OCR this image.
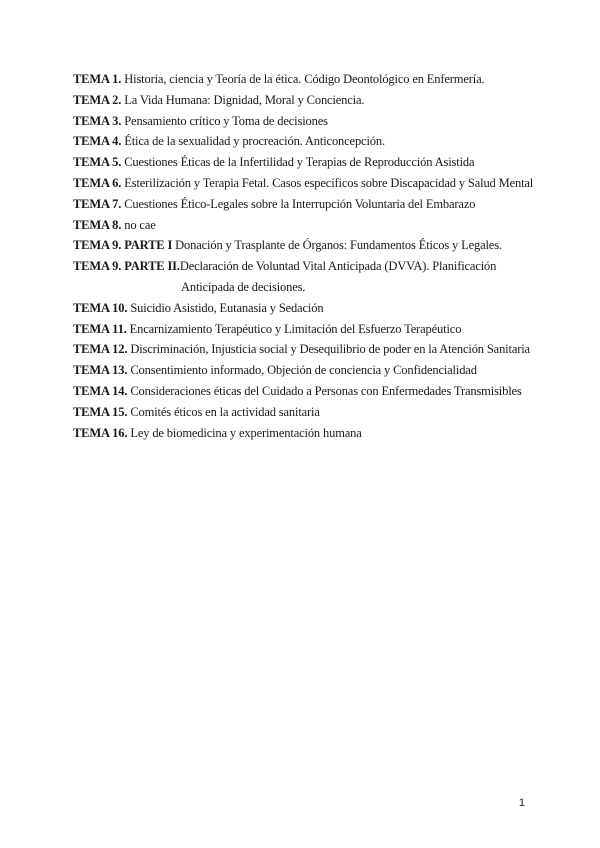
TEMA 1. Historia, ciencia y Teoría de la ética. Código Deontológico en Enfermería.
TEMA 2. La Vida Humana: Dignidad, Moral y Conciencia.
TEMA 3. Pensamiento crítico y Toma de decisiones
TEMA 4. Ética de la sexualidad y procreación. Anticoncepción.
TEMA 5. Cuestiones Éticas de la Infertilidad y Terapias de Reproducción Asistida
TEMA 6. Esterilización y Terapia Fetal. Casos específicos sobre Discapacidad y Salud Mental
TEMA 7. Cuestiones Ético-Legales sobre la Interrupción Voluntaria del Embarazo
TEMA 8. no cae
TEMA 9. PARTE I Donación y Trasplante de Órganos: Fundamentos Éticos y Legales.
TEMA 9. PARTE II.Declaración de Voluntad Vital Anticipada (DVVA). Planificación Anticipada de decisiones.
TEMA 10. Suicidio Asistido, Eutanasia y Sedación
TEMA 11. Encarnizamiento Terapéutico y Limitación del Esfuerzo Terapéutico
TEMA 12. Discriminación, Injusticia social y Desequilibrio de poder en la Atención Sanitaria
TEMA 13. Consentimiento informado, Objeción de conciencia y Confidencialidad
TEMA 14. Consideraciones éticas del Cuidado a Personas con Enfermedades Transmisibles
TEMA 15. Comités éticos en la actividad sanitaria
TEMA 16. Ley de biomedicina y experimentación humana
1
